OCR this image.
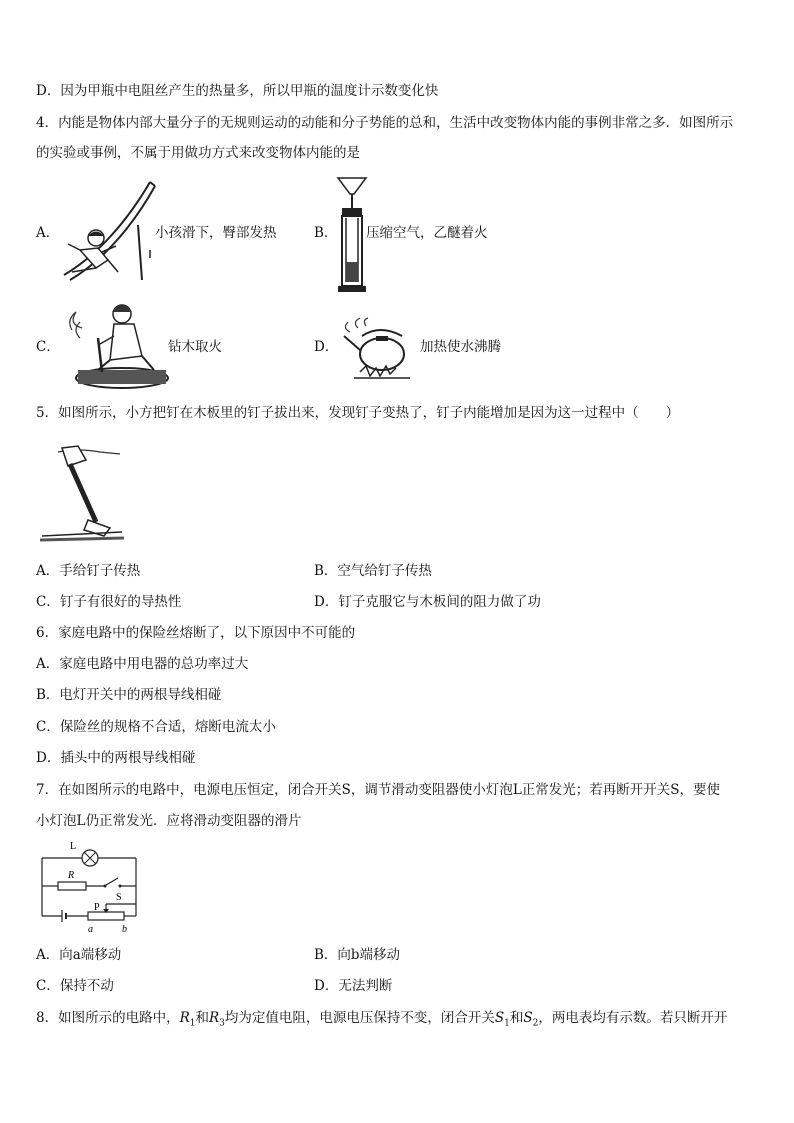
D．因为甲瓶中电阻丝产生的热量多，所以甲瓶的温度计示数变化快
4．内能是物体内部大量分子的无规则运动的动能和分子势能的总和，生活中改变物体内能的事例非常之多．如图所示
的实验或事例，不属于用做功方式来改变物体内能的是
A．	小孩滑下，臀部发热	B． 压缩空气，乙醚着火
C．	钻木取火	D．	加热使水沸腾
5．如图所示，小方把钉在木板里的钉子拔出来，发现钉子变热了，钉子内能增加是因为这一过程中（　　）
A．手给钉子传热	B．空气给钉子传热
C．钉子有很好的导热性	D．钉子克服它与木板间的阻力做了功
6．家庭电路中的保险丝熔断了，以下原因中不可能的
A．家庭电路中用电器的总功率过大
B．电灯开关中的两根导线相碰
C．保险丝的规格不合适，熔断电流太小
D．插头中的两根导线相碰
7．在如图所示的电路中，电源电压恒定，闭合开关S，调节滑动变阻器使小灯泡L正常发光；若再断开开关S，要使
小灯泡L仍正常发光．应将滑动变阻器的滑片
L
R
S
P
a	b
A．向a端移动	B．向b端移动
C．保持不动	D．无法判断
8．如图所示的电路中，$R_1$和$R_3$均为定值电阻，电源电压保持不变，闭合开关$S_1$和$S_2$，两电表均有示数。若只断开开
